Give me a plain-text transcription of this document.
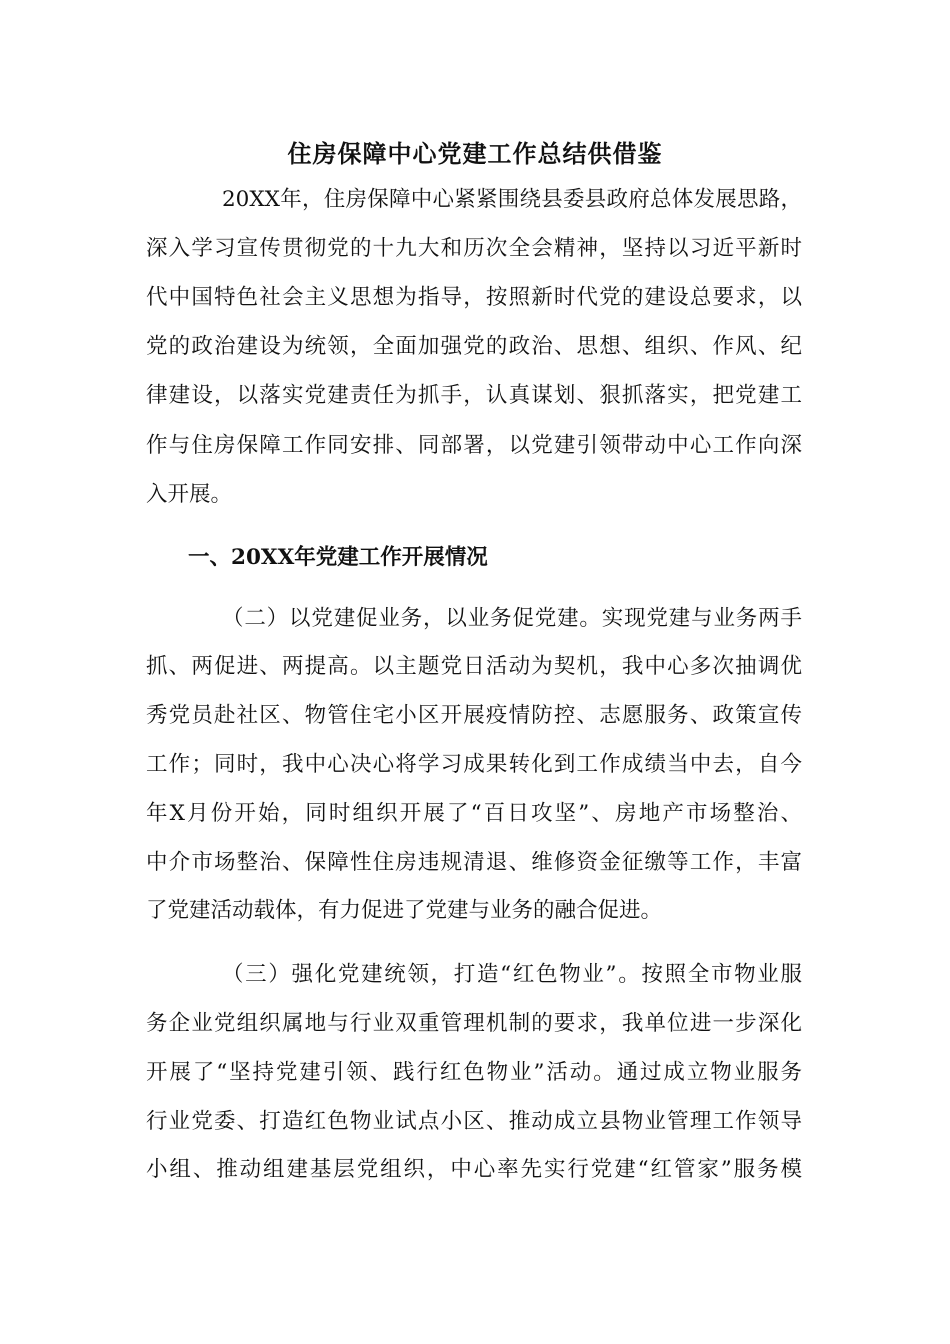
住房保障中心党建工作总结供借鉴
20XX年，住房保障中心紧紧围绕县委县政府总体发展思路，
深入学习宣传贯彻党的十九大和历次全会精神，坚持以习近平新时
代中国特色社会主义思想为指导，按照新时代党的建设总要求，以
党的政治建设为统领，全面加强党的政治、思想、组织、作风、纪
律建设，以落实党建责任为抓手，认真谋划、狠抓落实，把党建工
作与住房保障工作同安排、同部署，以党建引领带动中心工作向深
入开展。
一、20XX年党建工作开展情况
（二）以党建促业务，以业务促党建。实现党建与业务两手
抓、两促进、两提高。以主题党日活动为契机，我中心多次抽调优
秀党员赴社区、物管住宅小区开展疫情防控、志愿服务、政策宣传
工作；同时，我中心决心将学习成果转化到工作成绩当中去，自今
年X月份开始，同时组织开展了“百日攻坚”、房地产市场整治、
中介市场整治、保障性住房违规清退、维修资金征缴等工作，丰富
了党建活动载体，有力促进了党建与业务的融合促进。
（三）强化党建统领，打造“红色物业”。按照全市物业服
务企业党组织属地与行业双重管理机制的要求，我单位进一步深化
开展了“坚持党建引领、践行红色物业”活动。通过成立物业服务
行业党委、打造红色物业试点小区、推动成立县物业管理工作领导
小组、推动组建基层党组织，中心率先实行党建“红管家”服务模
